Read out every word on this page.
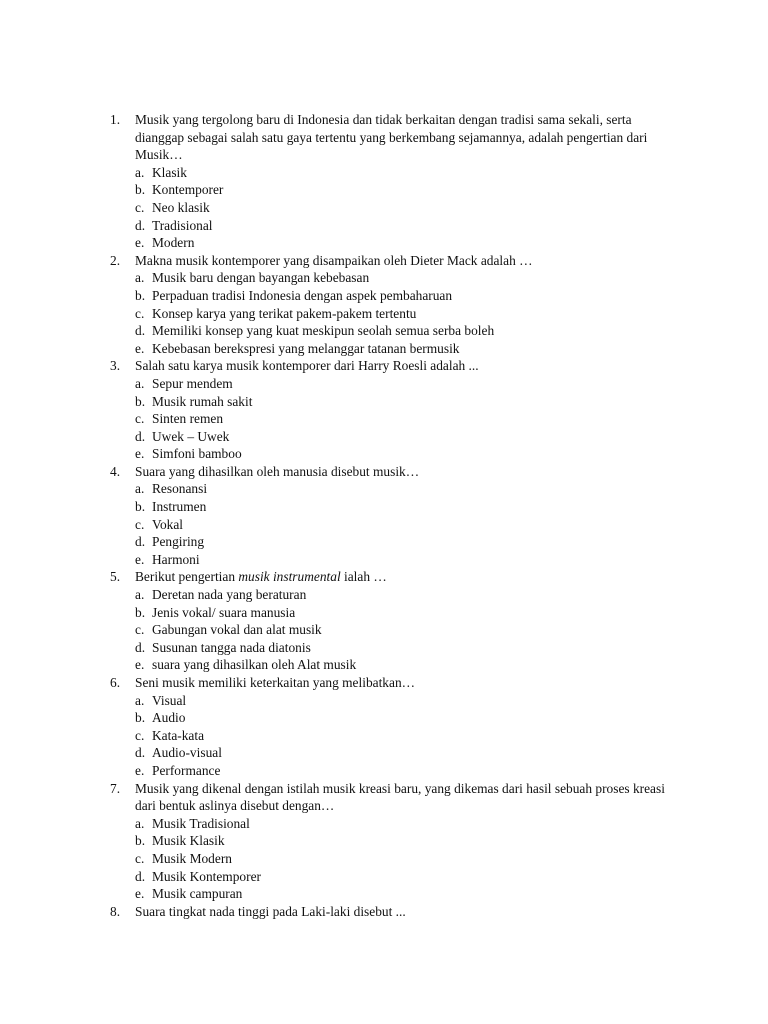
1. Musik yang tergolong baru di Indonesia dan tidak berkaitan dengan tradisi sama sekali, serta dianggap sebagai salah satu gaya tertentu yang berkembang sejamannya, adalah pengertian dari Musik…
a. Klasik
b. Kontemporer
c. Neo klasik
d. Tradisional
e. Modern
2. Makna musik kontemporer yang disampaikan oleh Dieter Mack adalah …
a. Musik baru dengan bayangan kebebasan
b. Perpaduan tradisi Indonesia dengan aspek pembaharuan
c. Konsep karya yang terikat pakem-pakem tertentu
d. Memiliki konsep yang kuat meskipun seolah semua serba boleh
e. Kebebasan berekspresi yang melanggar tatanan bermusik
3. Salah satu karya musik kontemporer dari Harry Roesli adalah ...
a. Sepur mendem
b. Musik rumah sakit
c. Sinten remen
d. Uwek – Uwek
e. Simfoni bamboo
4. Suara yang dihasilkan oleh manusia disebut musik…
a. Resonansi
b. Instrumen
c. Vokal
d. Pengiring
e. Harmoni
5. Berikut pengertian musik instrumental ialah …
a. Deretan nada yang beraturan
b. Jenis vokal/ suara manusia
c. Gabungan vokal dan alat musik
d. Susunan tangga nada diatonis
e. suara yang dihasilkan oleh Alat musik
6. Seni musik memiliki keterkaitan yang melibatkan…
a. Visual
b. Audio
c. Kata-kata
d. Audio-visual
e. Performance
7. Musik yang dikenal dengan istilah musik kreasi baru, yang dikemas dari hasil sebuah proses kreasi dari bentuk aslinya disebut dengan…
a. Musik Tradisional
b. Musik Klasik
c. Musik Modern
d. Musik Kontemporer
e. Musik campuran
8. Suara tingkat nada tinggi pada Laki-laki disebut ...
